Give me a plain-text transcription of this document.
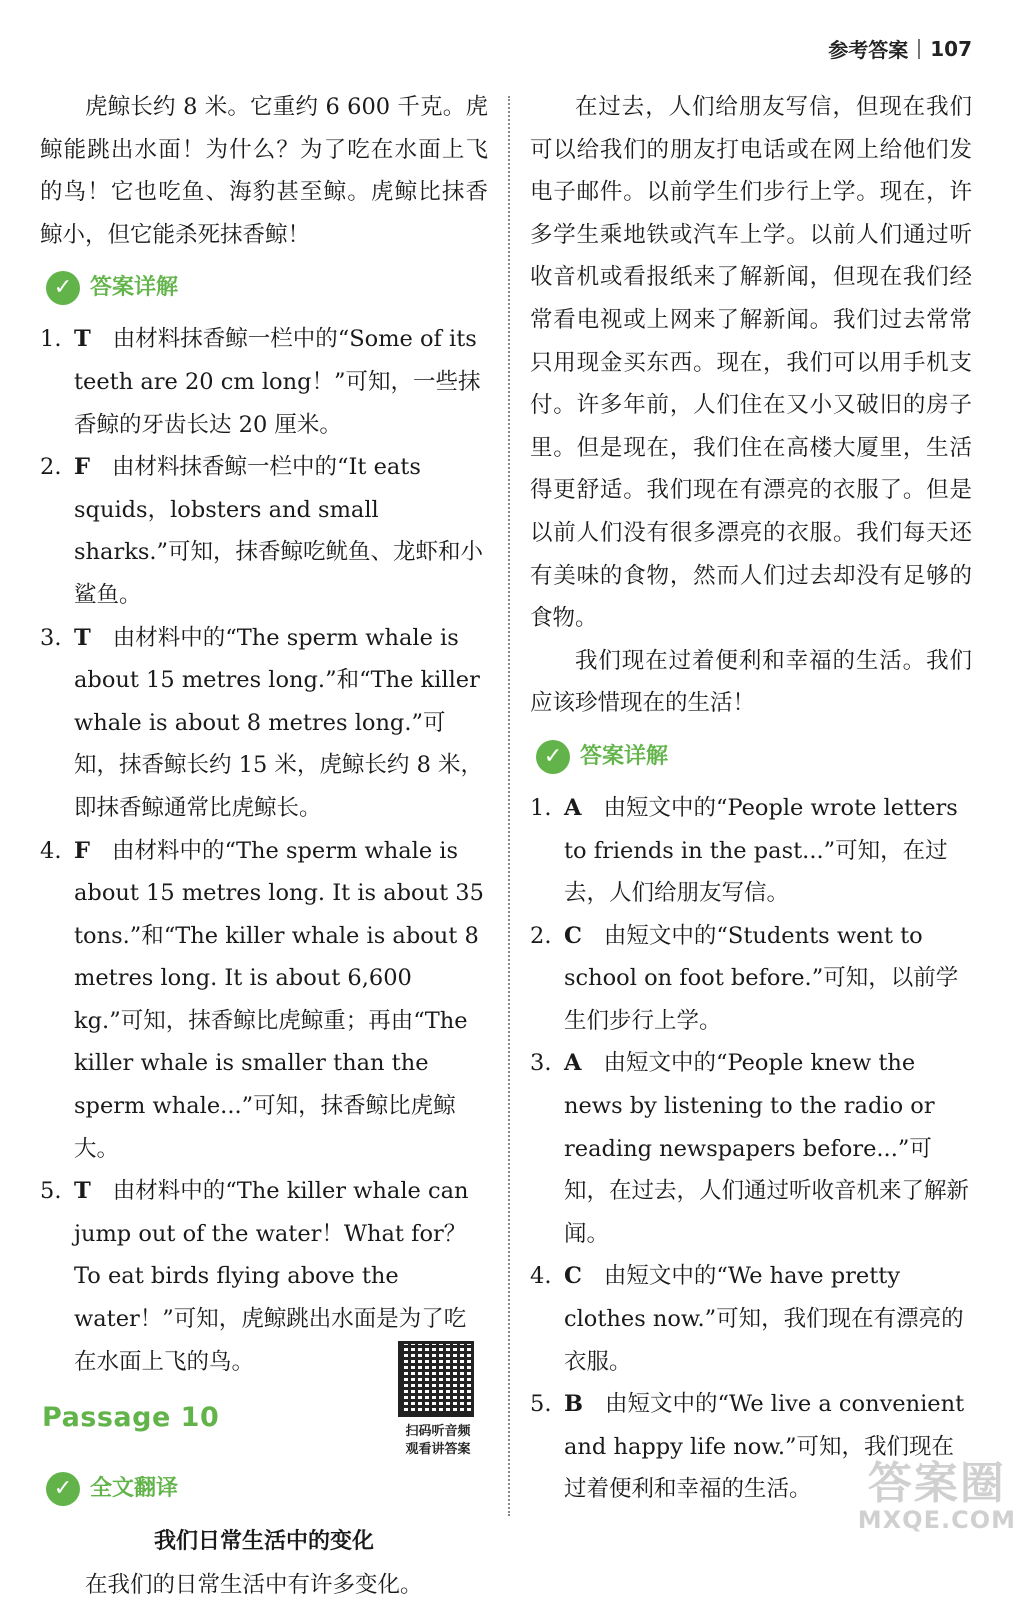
参考答案 107

虎鲸长约 8 米。它重约 6 600 千克。虎鲸能跳出水面！为什么？为了吃在水面上飞的鸟！它也吃鱼、海豹甚至鲸。虎鲸比抹香鲸小，但它能杀死抹香鲸！

✓ 答案详解
1. T 由材料抹香鲸一栏中的“Some of its teeth are 20 cm long！”可知，一些抹香鲸的牙齿长达 20 厘米。
2. F 由材料抹香鲸一栏中的“It eats squids，lobsters and small sharks.”可知，抹香鲸吃鱿鱼、龙虾和小鲨鱼。
3. T 由材料中的“The sperm whale is about 15 metres long.”和“The killer whale is about 8 metres long.”可知，抹香鲸长约 15 米，虎鲸长约 8 米，即抹香鲸通常比虎鲸长。
4. F 由材料中的“The sperm whale is about 15 metres long. It is about 35 tons.”和“The killer whale is about 8 metres long. It is about 6,600 kg.”可知，抹香鲸比虎鲸重；再由“The killer whale is smaller than the sperm whale...”可知，抹香鲸比虎鲸大。
5. T 由材料中的“The killer whale can jump out of the water！What for？To eat birds flying above the water！”可知，虎鲸跳出水面是为了吃在水面上飞的鸟。
Passage 10	扫码听音频
观看讲答案
✓ 全文翻译
我们日常生活中的变化

在我们的日常生活中有许多变化。

在过去，人们给朋友写信，但现在我们可以给我们的朋友打电话或在网上给他们发电子邮件。以前学生们步行上学。现在，许多学生乘地铁或汽车上学。以前人们通过听收音机或看报纸来了解新闻，但现在我们经常看电视或上网来了解新闻。我们过去常常只用现金买东西。现在，我们可以用手机支付。许多年前，人们住在又小又破旧的房子里。但是现在，我们住在高楼大厦里，生活得更舒适。我们现在有漂亮的衣服了。但是以前人们没有很多漂亮的衣服。我们每天还有美味的食物，然而人们过去却没有足够的食物。

我们现在过着便利和幸福的生活。我们应该珍惜现在的生活！

✓ 答案详解
1. A 由短文中的“People wrote letters to friends in the past...”可知，在过去，人们给朋友写信。
2. C 由短文中的“Students went to school on foot before.”可知，以前学生们步行上学。
3. A 由短文中的“People knew the news by listening to the radio or reading newspapers before...”可知，在过去，人们通过听收音机来了解新闻。
4. C 由短文中的“We have pretty clothes now.”可知，我们现在有漂亮的衣服。
5. B 由短文中的“We live a convenient and happy life now.”可知，我们现在过着便利和幸福的生活。	答案圈
MXQE.COM
